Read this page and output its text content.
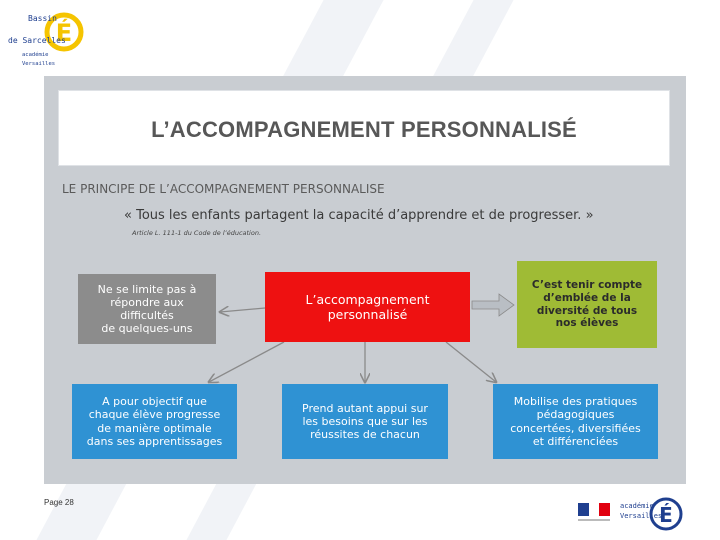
É
Bassin
de Sarcelles
académie
Versailles
L’ACCOMPAGNEMENT PERSONNALISÉ
LE PRINCIPE DE L’ACCOMPAGNEMENT PERSONNALISE
« Tous les enfants partagent la capacité d’apprendre et de progresser. »
Article L. 111-1 du Code de l’éducation.
Ne se limite pas à
répondre aux
difficultés
de quelques-uns
L’accompagnement
personnalisé
C’est tenir compte
d’emblée de la
diversité de tous
nos élèves
A pour objectif que
chaque élève progresse
de manière optimale
dans ses apprentissages
Prend autant appui sur
les besoins que sur les
réussites de chacun
Mobilise des pratiques
pédagogiques
concertées, diversifiées
et différenciées
Page 28	académie
Versailles
É
